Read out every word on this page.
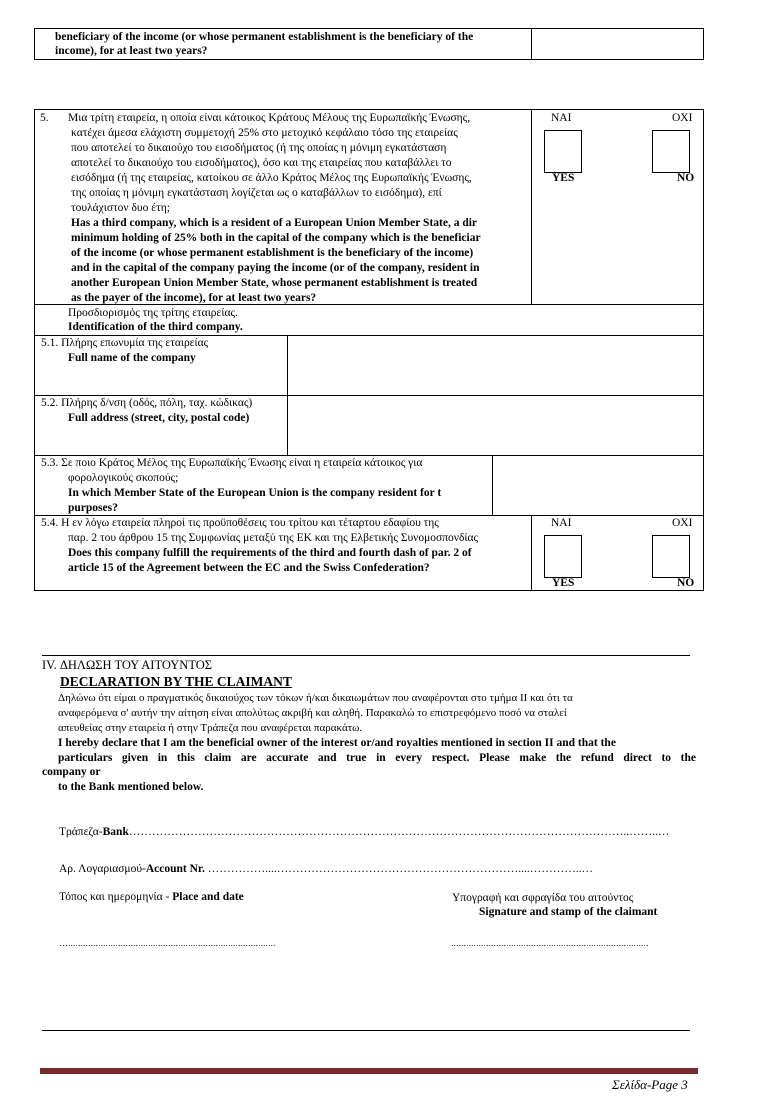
beneficiary of the income (or whose permanent establishment is the beneficiary of the
income), for at least two years?
5.	Μια τρίτη εταιρεία, η οποία είναι κάτοικος Κράτους Μέλους της Ευρωπαϊκής Ένωσης,
κατέχει άμεσα ελάχιστη συμμετοχή 25% στο μετοχικό κεφάλαιο τόσο της εταιρείας
που αποτελεί το δικαιούχο του εισοδήματος (ή της οποίας η μόνιμη εγκατάσταση
αποτελεί το δικαιούχο του εισοδήματος), όσο και της εταιρείας που καταβάλλει το
εισόδημα (ή της εταιρείας, κατοίκου σε άλλο Κράτος Μέλος της Ευρωπαϊκής Ένωσης,
της οποίας η μόνιμη εγκατάσταση λογίζεται ως ο καταβάλλων το εισόδημα), επί
τουλάχιστον δυο έτη;
Has a third company, which is a resident of a European Union Member State, a dir
minimum holding of 25% both in the capital of the company which is the beneficiar
of the income (or whose permanent establishment is the beneficiary of the income)
and in the capital of the company paying the income (or of the company, resident in
another European Union Member State, whose permanent establishment is treated
as the payer of the income), for at least two years?
NAI	OXI
YES	NO
Προσδιορισμός της τρίτης εταιρείας.
Identification of the third company.
5.1. Πλήρης επωνυμία της εταιρείας
Full name of the company
5.2. Πλήρης δ/νση (οδός, πόλη, ταχ. κώδικας)
Full address (street, city, postal code)
5.3. Σε ποιο Κράτος Μέλος της Ευρωπαϊκής Ένωσης είναι η εταιρεία κάτοικος για
φορολογικούς σκοπούς;
In which Member State of the European Union is the company resident for t
purposes?
5.4. Η εν λόγω εταιρεία πληροί τις προϋποθέσεις του τρίτου και τέταρτου εδαφίου της
παρ. 2 του άρθρου 15 της Συμφωνίας μεταξύ της ΕΚ και της Ελβετικής Συνομοσπονδίας
Does this company fulfill the requirements of the third and fourth dash of par. 2 of
article 15 of the Agreement between the EC and the Swiss Confederation?
NAI	OXI
YES	NO
IV. ΔΗΛΩΣΗ ΤΟΥ ΑΙΤΟΥΝΤΟΣ
DECLARATION BY THE CLAIMANT
Δηλώνω ότι είμαι ο πραγματικός δικαιούχος των τόκων ή/και δικαιωμάτων που αναφέρονται στο τμήμα II και ότι τα
αναφερόμενα σ' αυτήν την αίτηση είναι απολύτως ακριβή και αληθή. Παρακαλώ το επιστρεφόμενο ποσό να σταλεί
απευθείας στην εταιρεία ή στην Τράπεζα που αναφέρεται παρακάτω.
I hereby declare that I am the beneficial owner of the interest or/and royalties mentioned in section II and that the
particulars given in this claim are accurate and true in every respect. Please make the refund direct to the
company or
to the Bank mentioned below.
Τράπεζα-Bank…………………………………………………………………………………………………………………..……..…
Αρ. Λογαριασμού-Account Nr. ……………....………………………………………………………....…………..…
Τόπος και ημερομηνία - Place and date	Υπογραφή και σφραγίδα του αιτούντος
Signature and stamp of the claimant
…...................................................................................	...............................................................................
Σελίδα-Page 3
